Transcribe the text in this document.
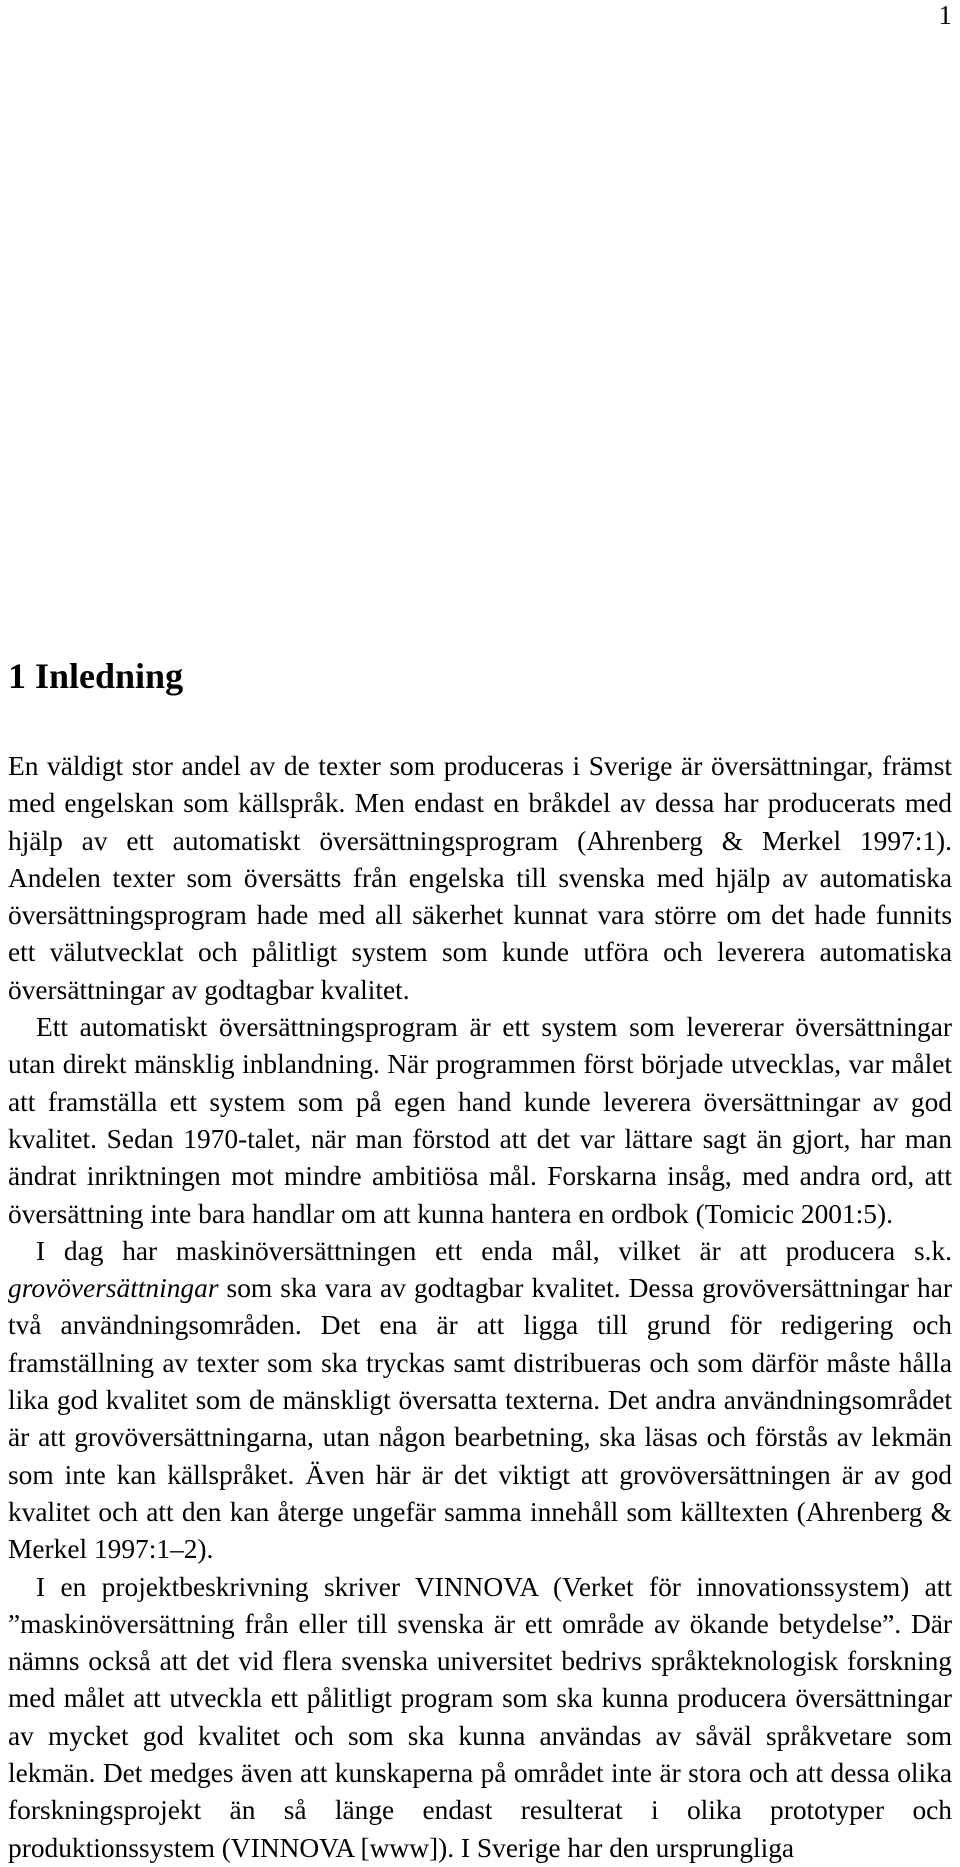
1
1 Inledning

En väldigt stor andel av de texter som produceras i Sverige är översättningar, främst med engelskan som källspråk. Men endast en bråkdel av dessa har producerats med hjälp av ett automatiskt översättningsprogram (Ahrenberg & Merkel 1997:1). Andelen texter som översätts från engelska till svenska med hjälp av automatiska översättningsprogram hade med all säkerhet kunnat vara större om det hade funnits ett välutvecklat och pålitligt system som kunde utföra och leverera automatiska översättningar av godtagbar kvalitet.

Ett automatiskt översättningsprogram är ett system som levererar översättningar utan direkt mänsklig inblandning. När programmen först började utvecklas, var målet att framställa ett system som på egen hand kunde leverera översättningar av god kvalitet. Sedan 1970-talet, när man förstod att det var lättare sagt än gjort, har man ändrat inriktningen mot mindre ambitiösa mål. Forskarna insåg, med andra ord, att översättning inte bara handlar om att kunna hantera en ordbok (Tomicic 2001:5).

I dag har maskinöversättningen ett enda mål, vilket är att producera s.k. grovöversättningar som ska vara av godtagbar kvalitet. Dessa grovöversättningar har två användningsområden. Det ena är att ligga till grund för redigering och framställning av texter som ska tryckas samt distribueras och som därför måste hålla lika god kvalitet som de mänskligt översatta texterna. Det andra användningsområdet är att grovöversättningarna, utan någon bearbetning, ska läsas och förstås av lekmän som inte kan källspråket. Även här är det viktigt att grovöversättningen är av god kvalitet och att den kan återge ungefär samma innehåll som källtexten (Ahrenberg & Merkel 1997:1–2).

I en projektbeskrivning skriver VINNOVA (Verket för innovationssystem) att ”maskinöversättning från eller till svenska är ett område av ökande betydelse”. Där nämns också att det vid flera svenska universitet bedrivs språkteknologisk forskning med målet att utveckla ett pålitligt program som ska kunna producera översättningar av mycket god kvalitet och som ska kunna användas av såväl språkvetare som lekmän. Det medges även att kunskaperna på området inte är stora och att dessa olika forskningsprojekt än så länge endast resulterat i olika prototyper och produktionssystem (VINNOVA [www]). I Sverige har den ursprungliga
